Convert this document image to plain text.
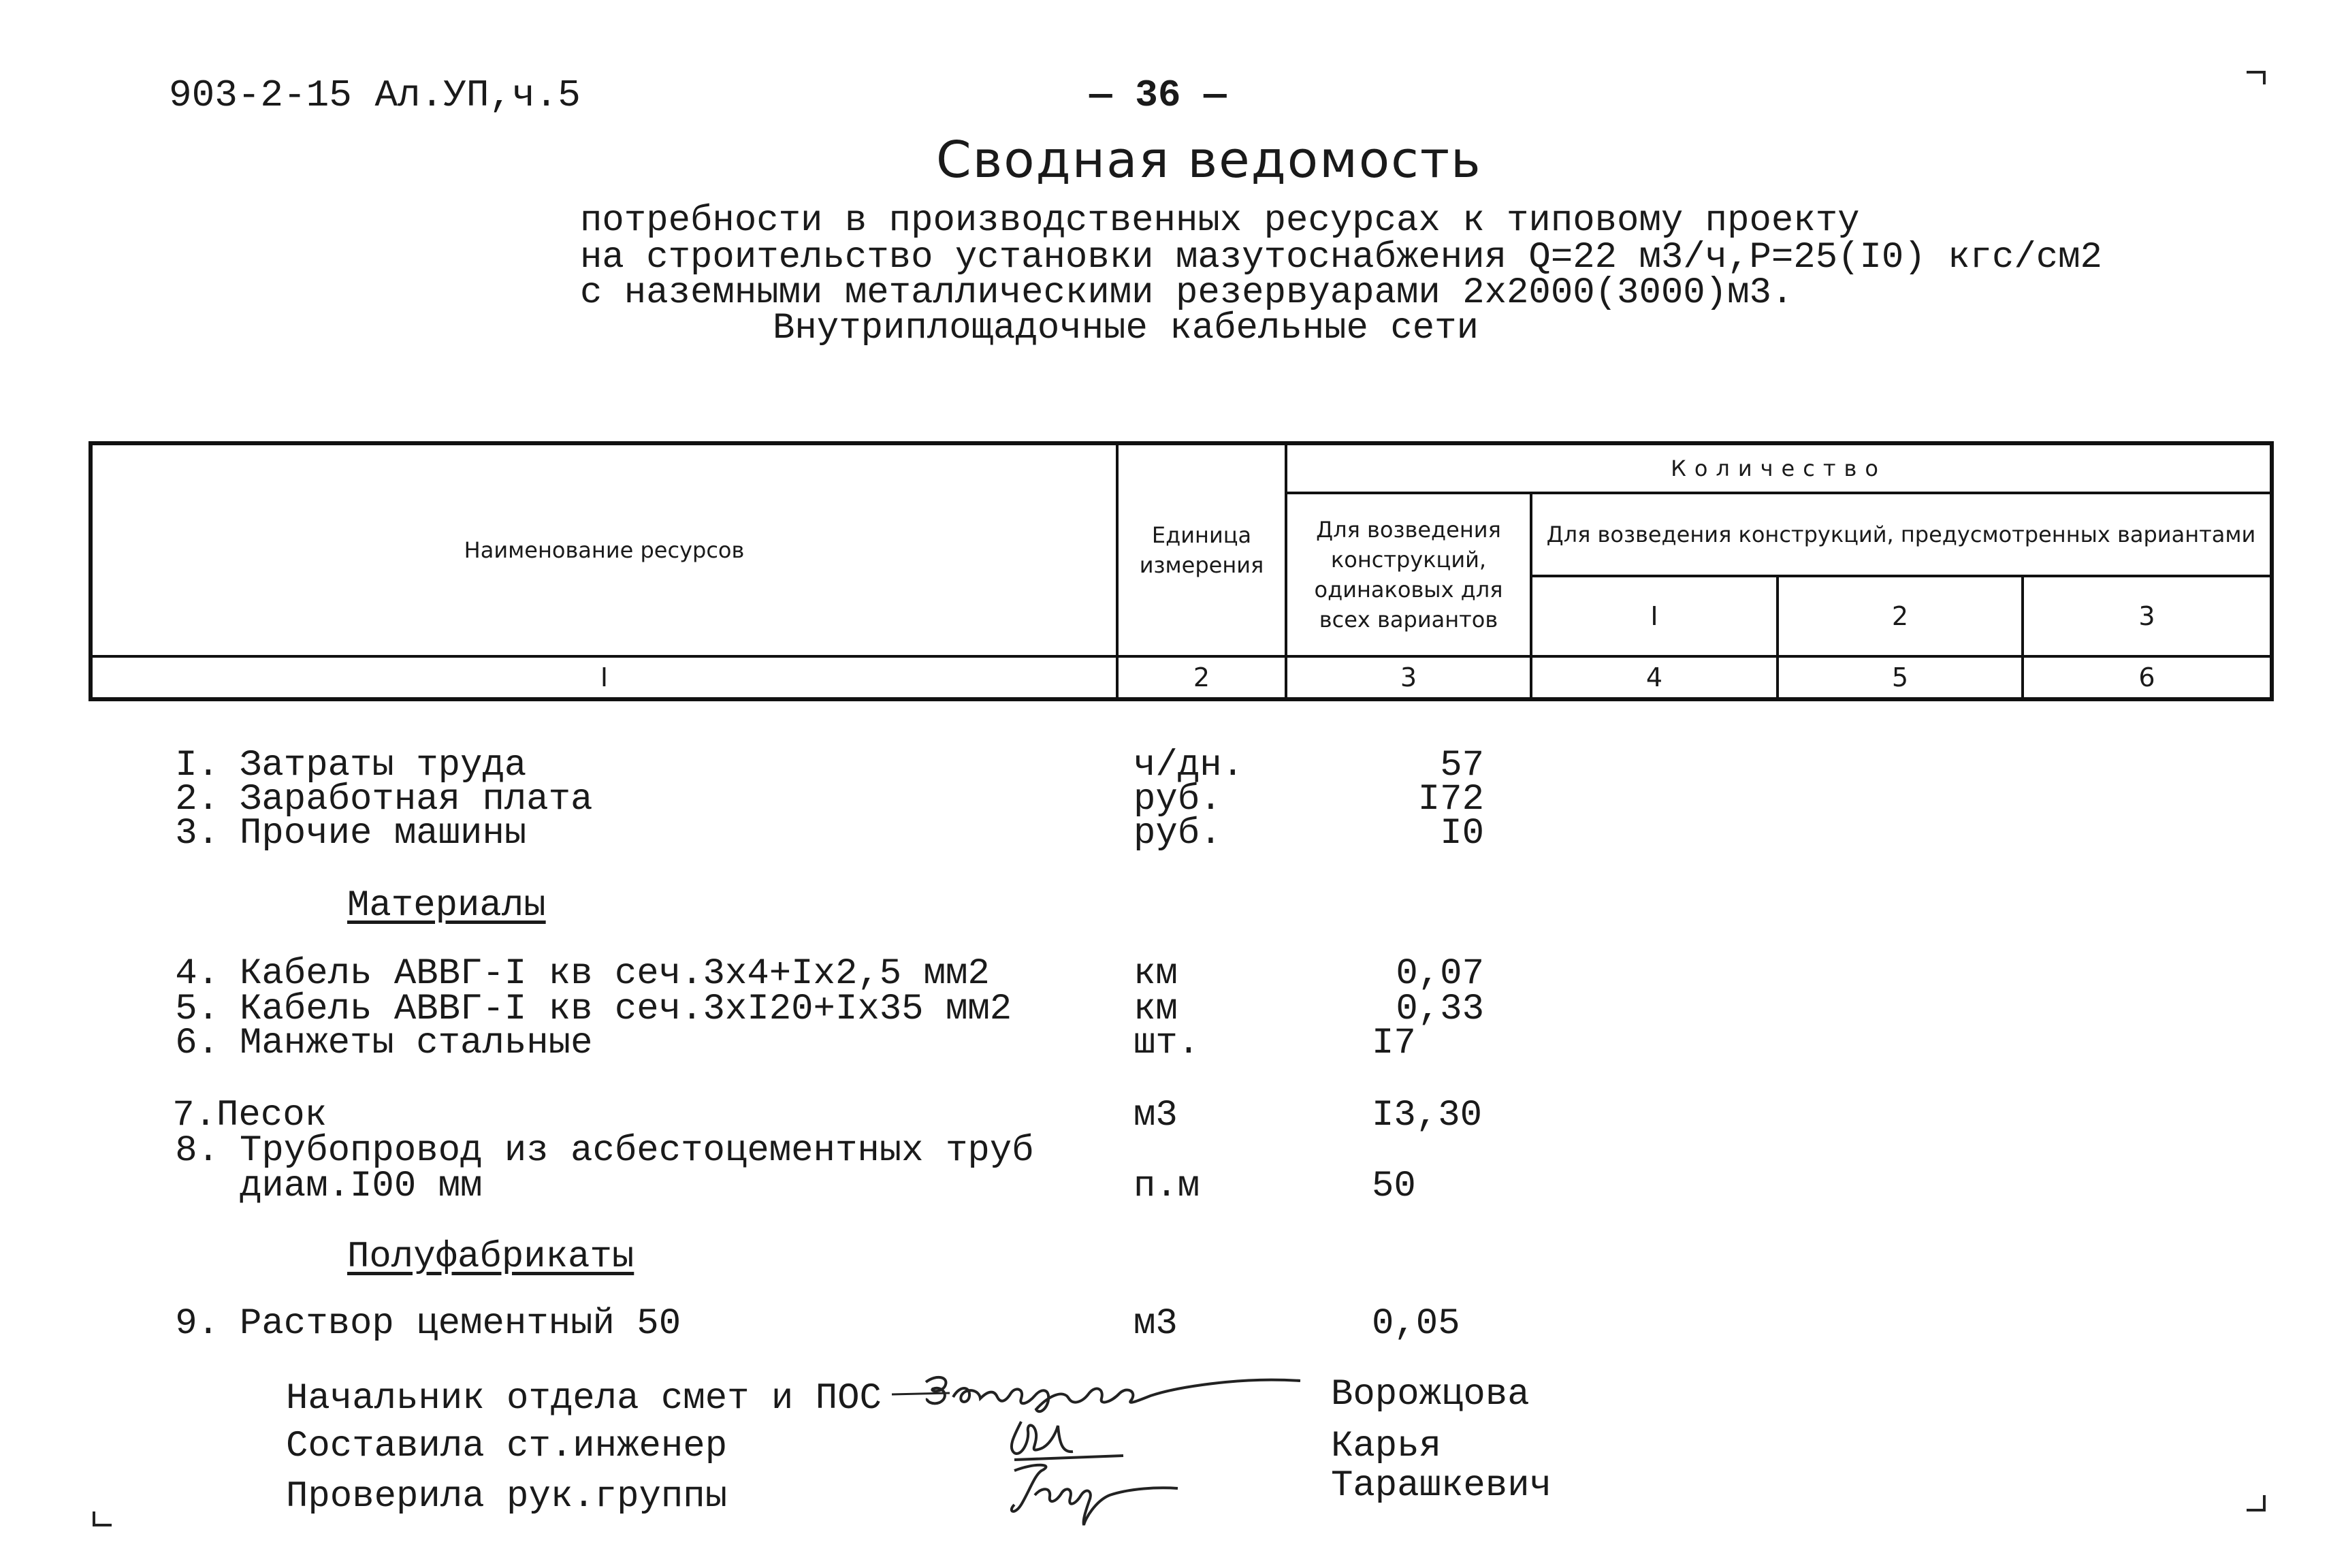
903-2-15 Ал.УП,ч.5	— 36 —
Сводная ведомость
потребности в производственных ресурсах к типовому проекту
на строительство установки мазутоснабжения Q=22 м3/ч,Р=25(I0) кгс/см2
с наземными металлическими резервуарами 2х2000(3000)м3.
Внутриплощадочные кабельные сети
Наименование ресурсов	Единица измерения	Количество			
		Для возведения конструкций, одинаковых для всех вариантов	Для возведения конструкций, предусмотренных вариантами		
			I	2	3
I	2	3	4	5	6
I. Затраты труда	ч/дн.	57
2. Заработная плата	руб.	I72
3. Прочие машины	руб.	I0
Материалы
4. Кабель АВВГ-I кв сеч.3х4+Iх2,5 мм2	км	0,07
5. Кабель АВВГ-I кв сеч.3хI20+Iх35 мм2	км	0,33
6. Манжеты стальные	шт.	I7
7. Песок	м3	I3,30
8. Трубопровод из асбестоцементных труб
диам.I00 мм	п.м	50
Полуфабрикаты
9. Раствор цементный 50	м3	0,05
Начальник отдела смет и ПОС	Ворожцова
Составила ст.инженер	Карья
Проверила рук.группы	Тарашкевич
